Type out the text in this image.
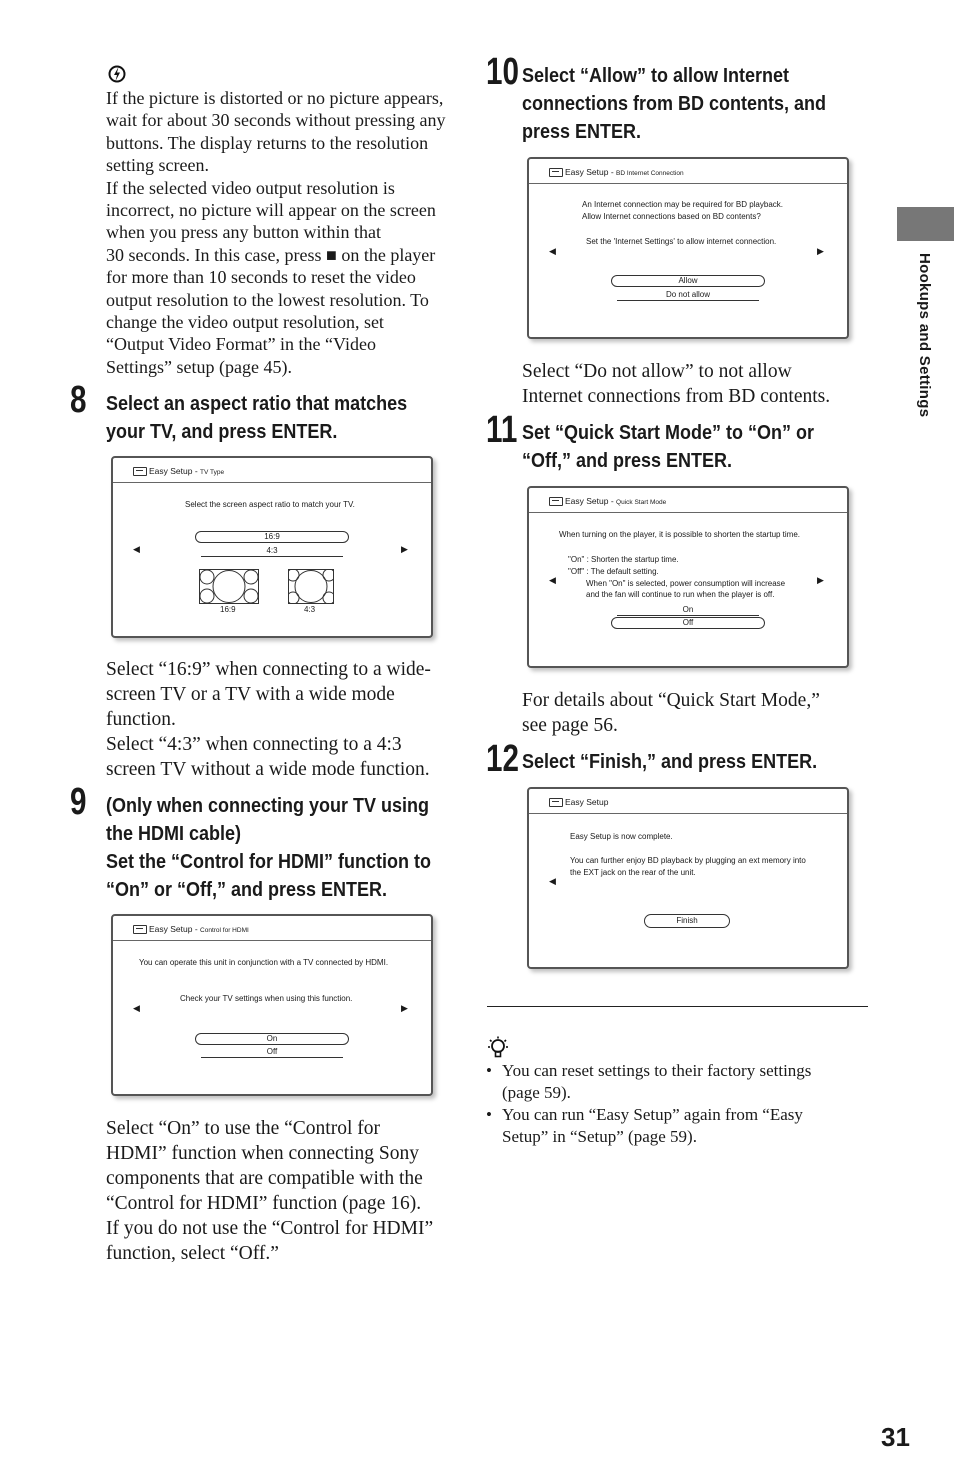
If the picture is distorted or no picture appears,
wait for about 30 seconds without pressing any
buttons. The display returns to the resolution
setting screen.
If the selected video output resolution is
incorrect, no picture will appear on the screen
when you press any button within that
30 seconds. In this case, press ■ on the player
for more than 10 seconds to reset the video
output resolution to the lowest resolution. To
change the video output resolution, set
“Output Video Format” in the “Video
Settings” setup (page 45).
8 Select an aspect ratio that matches
your TV, and press ENTER.
Easy Setup - TV Type
Select the screen aspect ratio to match your TV.
◀	▶
16:9
4:3
16:9	4:3
Select “16:9” when connecting to a wide-
screen TV or a TV with a wide mode
function.
Select “4:3” when connecting to a 4:3
screen TV without a wide mode function.
9 (Only when connecting your TV using
the HDMI cable)
Set the “Control for HDMI” function to
“On” or “Off,” and press ENTER.
Easy Setup - Control for HDMI
You can operate this unit in conjunction with a TV connected by HDMI.
Check your TV settings when using this function.
◀	▶
On
Off
Select “On” to use the “Control for
HDMI” function when connecting Sony
components that are compatible with the
“Control for HDMI” function (page 16).
If you do not use the “Control for HDMI”
function, select “Off.”
10 Select “Allow” to allow Internet
connections from BD contents, and
press ENTER.
Easy Setup - BD Internet Connection
An Internet connection may be required for BD playback.
Allow Internet connections based on BD contents?
Set the 'Internet Settings' to allow internet connection.
◀	▶
Allow
Do not allow
Select “Do not allow” to not allow
Internet connections from BD contents.
11 Set “Quick Start Mode” to “On” or
“Off,” and press ENTER.
Easy Setup - Quick Start Mode
When turning on the player, it is possible to shorten the startup time.
"On" : Shorten the startup time.
"Off" : The default setting.
When "On" is selected, power consumption will increase
and the fan will continue to run when the player is off.
◀	▶
On
Off
For details about “Quick Start Mode,”
see page 56.
12 Select “Finish,” and press ENTER.
Easy Setup
Easy Setup is now complete.
You can further enjoy BD playback by plugging an ext memory into
the EXT jack on the rear of the unit.
◀
Finish
• You can reset settings to their factory settings
(page 59).
• You can run “Easy Setup” again from “Easy
Setup” in “Setup” (page 59).
Hookups and Settings
31
